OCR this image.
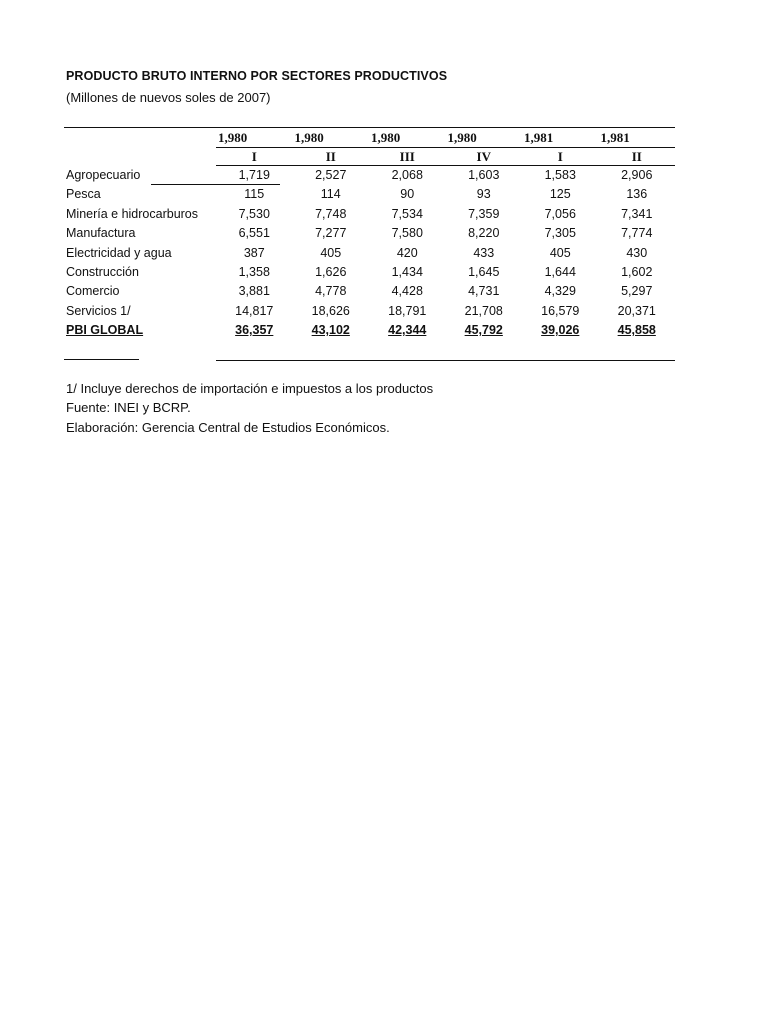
PRODUCTO BRUTO INTERNO POR SECTORES PRODUCTIVOS
(Millones de nuevos soles de 2007)
	1,980	1,980	1,980	1,980	1,981	1,981
	I	II	III	IV	I	II
Agropecuario	1,719	2,527	2,068	1,603	1,583	2,906
Pesca	115	114	90	93	125	136
Minería e hidrocarburos	7,530	7,748	7,534	7,359	7,056	7,341
Manufactura	6,551	7,277	7,580	8,220	7,305	7,774
Electricidad y agua	387	405	420	433	405	430
Construcción	1,358	1,626	1,434	1,645	1,644	1,602
Comercio	3,881	4,778	4,428	4,731	4,329	5,297
Servicios 1/	14,817	18,626	18,791	21,708	16,579	20,371
PBI GLOBAL	36,357	43,102	42,344	45,792	39,026	45,858

1/ Incluye derechos de importación e impuestos a los productos
Fuente: INEI y BCRP.
Elaboración: Gerencia Central de Estudios Económicos.
